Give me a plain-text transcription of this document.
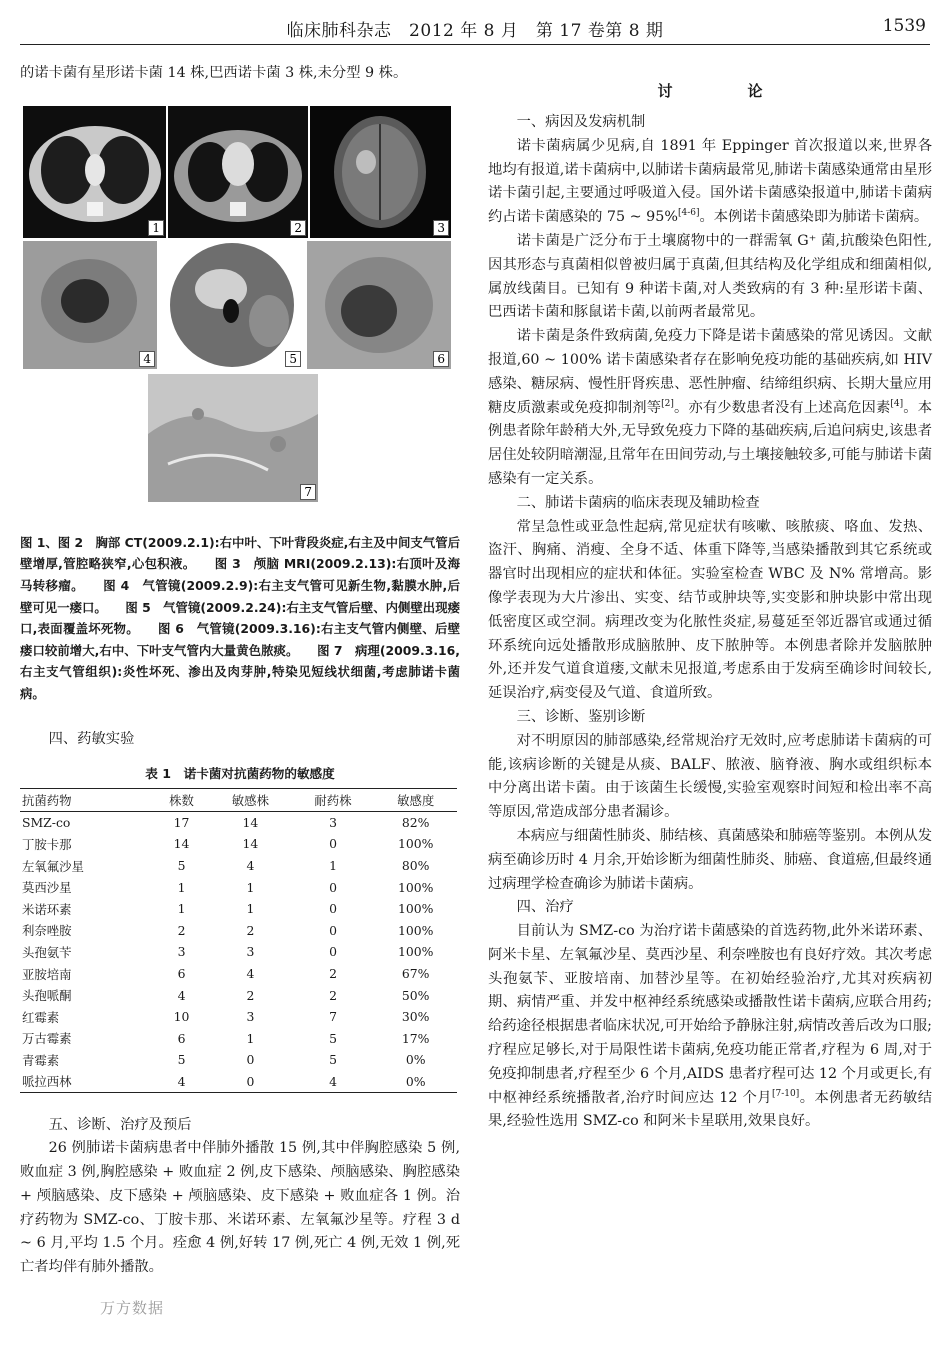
临床肺科杂志　2012 年 8 月　第 17 卷第 8 期	1539

的诺卡菌有星形诺卡菌 14 株,巴西诺卡菌 3 株,未分型 9 株。

1	2	3
4	5	6
7
图 1、图 2　胸部 CT(2009.2.1):右中叶、下叶背段炎症,右主及中间支气管后壁增厚,管腔略狭窄,心包积液。　　图 3　颅脑 MRI(2009.2.13):右顶叶及海马转移瘤。　　图 4　气管镜(2009.2.9):右主支气管可见新生物,黏膜水肿,后壁可见一瘘口。　　图 5　气管镜(2009.2.24):右主支气管后壁、内侧壁出现瘘口,表面覆盖坏死物。　　图 6　气管镜(2009.3.16):右主支气管内侧壁、后壁瘘口较前增大,右中、下叶支气管内大量黄色脓痰。　　图 7　病理(2009.3.16,右主支气管组织):炎性坏死、渗出及肉芽肿,特染见短线状细菌,考虑肺诺卡菌病。
四、药敏实验
表 1　诺卡菌对抗菌药物的敏感度
抗菌药物	株数	敏感株	耐药株	敏感度
SMZ-co	17	14	3	82%
丁胺卡那	14	14	0	100%
左氧氟沙星	5	4	1	80%
莫西沙星	1	1	0	100%
米诺环素	1	1	0	100%
利奈唑胺	2	2	0	100%
头孢氨苄	3	3	0	100%
亚胺培南	6	4	2	67%
头孢哌酮	4	2	2	50%
红霉素	10	3	7	30%
万古霉素	6	1	5	17%
青霉素	5	0	5	0%
哌拉西林	4	0	4	0%
五、诊断、治疗及预后

26 例肺诺卡菌病患者中伴肺外播散 15 例,其中伴胸腔感染 5 例,败血症 3 例,胸腔感染 + 败血症 2 例,皮下感染、颅脑感染、胸腔感染 + 颅脑感染、皮下感染 + 颅脑感染、皮下感染 + 败血症各 1 例。治疗药物为 SMZ-co、丁胺卡那、米诺环素、左氧氟沙星等。疗程 3 d ~ 6 月,平均 1.5 个月。痊愈 4 例,好转 17 例,死亡 4 例,无效 1 例,死亡者均伴有肺外播散。

讨　论
一、病因及发病机制

诺卡菌病属少见病,自 1891 年 Eppinger 首次报道以来,世界各地均有报道,诺卡菌病中,以肺诺卡菌病最常见,肺诺卡菌感染通常由星形诺卡菌引起,主要通过呼吸道入侵。国外诺卡菌感染报道中,肺诺卡菌病约占诺卡菌感染的 75 ~ 95%[4-6]。本例诺卡菌感染即为肺诺卡菌病。

诺卡菌是广泛分布于土壤腐物中的一群需氧 G⁺ 菌,抗酸染色阳性,因其形态与真菌相似曾被归属于真菌,但其结构及化学组成和细菌相似,属放线菌目。已知有 9 种诺卡菌,对人类致病的有 3 种:星形诺卡菌、巴西诺卡菌和豚鼠诺卡菌,以前两者最常见。

诺卡菌是条件致病菌,免疫力下降是诺卡菌感染的常见诱因。文献报道,60 ~ 100% 诺卡菌感染者存在影响免疫功能的基础疾病,如 HIV 感染、糖尿病、慢性肝肾疾患、恶性肿瘤、结缔组织病、长期大量应用糖皮质激素或免疫抑制剂等[2]。亦有少数患者没有上述高危因素[4]。本例患者除年龄稍大外,无导致免疫力下降的基础疾病,后追问病史,该患者居住处较阴暗潮湿,且常年在田间劳动,与土壤接触较多,可能与肺诺卡菌感染有一定关系。

二、肺诺卡菌病的临床表现及辅助检查

常呈急性或亚急性起病,常见症状有咳嗽、咳脓痰、咯血、发热、盗汗、胸痛、消瘦、全身不适、体重下降等,当感染播散到其它系统或器官时出现相应的症状和体征。实验室检查 WBC 及 N% 常增高。影像学表现为大片渗出、实变、结节或肿块等,实变影和肿块影中常出现低密度区或空洞。病理改变为化脓性炎症,易蔓延至邻近器官或通过循环系统向远处播散形成脑脓肿、皮下脓肿等。本例患者除并发脑脓肿外,还并发气道食道瘘,文献未见报道,考虑系由于发病至确诊时间较长,延误治疗,病变侵及气道、食道所致。

三、诊断、鉴别诊断

对不明原因的肺部感染,经常规治疗无效时,应考虑肺诺卡菌病的可能,该病诊断的关键是从痰、BALF、脓液、脑脊液、胸水或组织标本中分离出诺卡菌。由于该菌生长缓慢,实验室观察时间短和检出率不高等原因,常造成部分患者漏诊。

本病应与细菌性肺炎、肺结核、真菌感染和肺癌等鉴别。本例从发病至确诊历时 4 月余,开始诊断为细菌性肺炎、肺癌、食道癌,但最终通过病理学检查确诊为肺诺卡菌病。

四、治疗

目前认为 SMZ-co 为治疗诺卡菌感染的首选药物,此外米诺环素、阿米卡星、左氧氟沙星、莫西沙星、利奈唑胺也有良好疗效。其次考虑头孢氨苄、亚胺培南、加替沙星等。在初始经验治疗,尤其对疾病初期、病情严重、并发中枢神经系统感染或播散性诺卡菌病,应联合用药;给药途径根据患者临床状况,可开始给予静脉注射,病情改善后改为口服;疗程应足够长,对于局限性诺卡菌病,免疫功能正常者,疗程为 6 周,对于免疫抑制患者,疗程至少 6 个月,AIDS 患者疗程可达 12 个月或更长,有中枢神经系统播散者,治疗时间应达 12 个月[7-10]。本例患者无药敏结果,经验性选用 SMZ-co 和阿米卡星联用,效果良好。

万方数据
